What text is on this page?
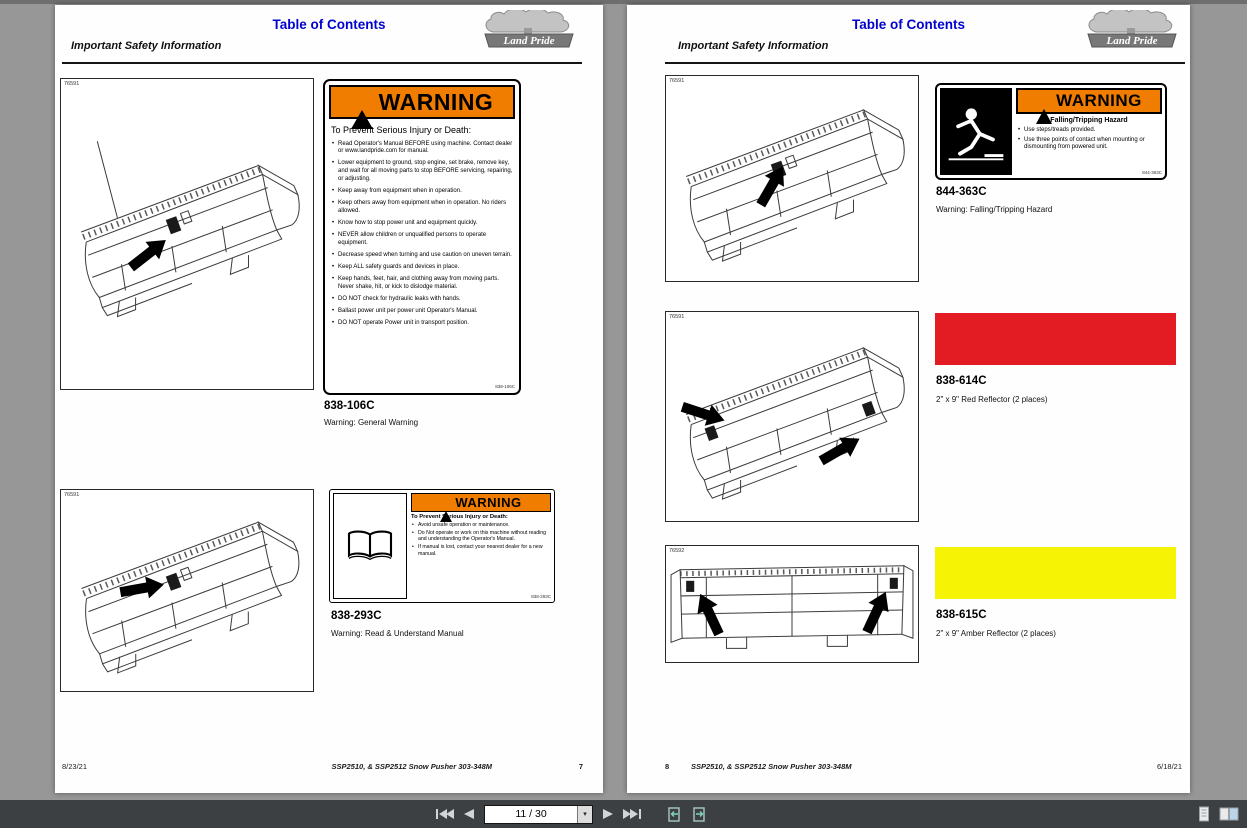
Table of Contents
Important Safety Information	Land Pride
76591
!
WARNING
To Prevent Serious Injury or Death:
• Read Operator's Manual BEFORE using machine. Contact dealer or www.landpride.com for manual.
• Lower equipment to ground, stop engine, set brake, remove key, and wait for all moving parts to stop BEFORE servicing, repairing, or adjusting.
• Keep away from equipment when in operation.
• Keep others away from equipment when in operation. No riders allowed.
• Know how to stop power unit and equipment quickly.
• NEVER allow children or unqualified persons to operate equipment.
• Decrease speed when turning and use caution on uneven terrain.
• Keep ALL safety guards and devices in place.
• Keep hands, feet, hair, and clothing away from moving parts. Never shake, hit, or kick to dislodge material.
• DO NOT check for hydraulic leaks with hands.
• Ballast power unit per power unit Operator's Manual.
• DO NOT operate Power unit in transport position.
838-106C
838-106C
Warning: General Warning
76591 !	WARNING
To Prevent Serious Injury or Death:
• Avoid unsafe operation or maintenance.
• Do Not operate or work on this machine without reading and understanding the Operator's Manual.
• If manual is lost, contact your nearest dealer for a new manual.
838-293C
838-293C
Warning: Read & Understand Manual
8/23/21	SSP2510, & SSP2512 Snow Pusher 303-348M	7
Table of Contents
Important Safety Information	Land Pride
76591
!
WARNING
Falling/Tripping Hazard
• Use steps/treads provided.
• Use three points of contact when mounting or dismounting from powered unit.
844-363C
844-363C
Warning: Falling/Tripping Hazard
76591
838-614C
2" x 9" Red Reflector (2 places)
76592
838-615C
2" x 9" Amber Reflector (2 places)
8	SSP2510, & SSP2512 Snow Pusher 303-348M	6/18/21
11 / 30	▾
